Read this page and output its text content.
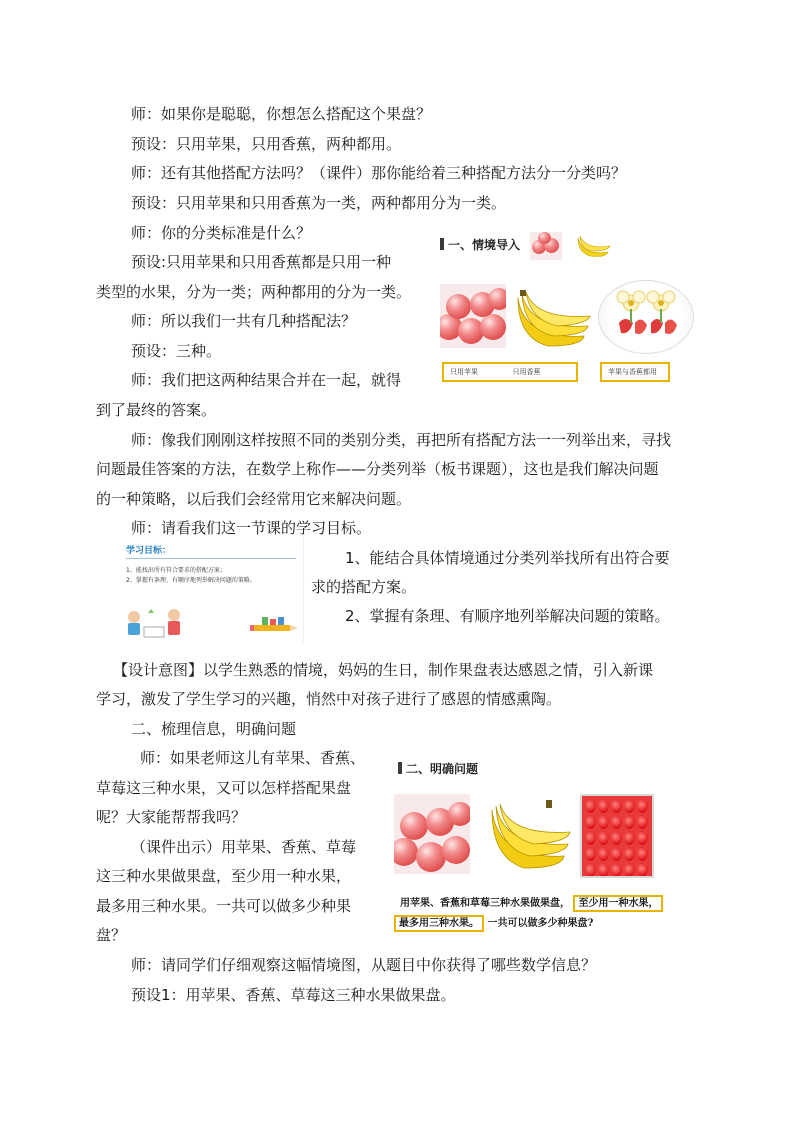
师：如果你是聪聪，你想怎么搭配这个果盘？
预设：只用苹果，只用香蕉，两种都用。
师：还有其他搭配方法吗？（课件）那你能给着三种搭配方法分一分类吗？
预设：只用苹果和只用香蕉为一类，两种都用分为一类。
师：你的分类标准是什么？
预设:只用苹果和只用香蕉都是只用一种
类型的水果，分为一类；两种都用的分为一类。
师：所以我们一共有几种搭配法？
预设：三种。
师：我们把这两种结果合并在一起，就得
到了最终的答案。
一、情境导入
只用苹果	只用香蕉	苹果与香蕉都用
师：像我们刚刚这样按照不同的类别分类，再把所有搭配方法一一列举出来，寻找
问题最佳答案的方法，在数学上称作——分类列举（板书课题），这也是我们解决问题
的一种策略，以后我们会经常用它来解决问题。
师：请看我们这一节课的学习目标。
学习目标：
1、能找出所有符合要求的搭配方案；
2、掌握有条理、有顺序地列举解决问题的策略。
1、能结合具体情境通过分类列举找所有出符合要
求的搭配方案。
2、掌握有条理、有顺序地列举解决问题的策略。
【设计意图】以学生熟悉的情境，妈妈的生日，制作果盘表达感恩之情，引入新课
学习，激发了学生学习的兴趣，悄然中对孩子进行了感恩的情感熏陶。
二、梳理信息，明确问题
师：如果老师这儿有苹果、香蕉、
草莓这三种水果，又可以怎样搭配果盘
呢？大家能帮帮我吗？
（课件出示）用苹果、香蕉、草莓
这三种水果做果盘，至少用一种水果，
最多用三种水果。一共可以做多少种果
盘？
二、明确问题
用苹果、香蕉和草莓三种水果做果盘， 至少用一种水果，
最多用三种水果。 一共可以做多少种果盘?
师：请同学们仔细观察这幅情境图，从题目中你获得了哪些数学信息？
预设1：用苹果、香蕉、草莓这三种水果做果盘。
